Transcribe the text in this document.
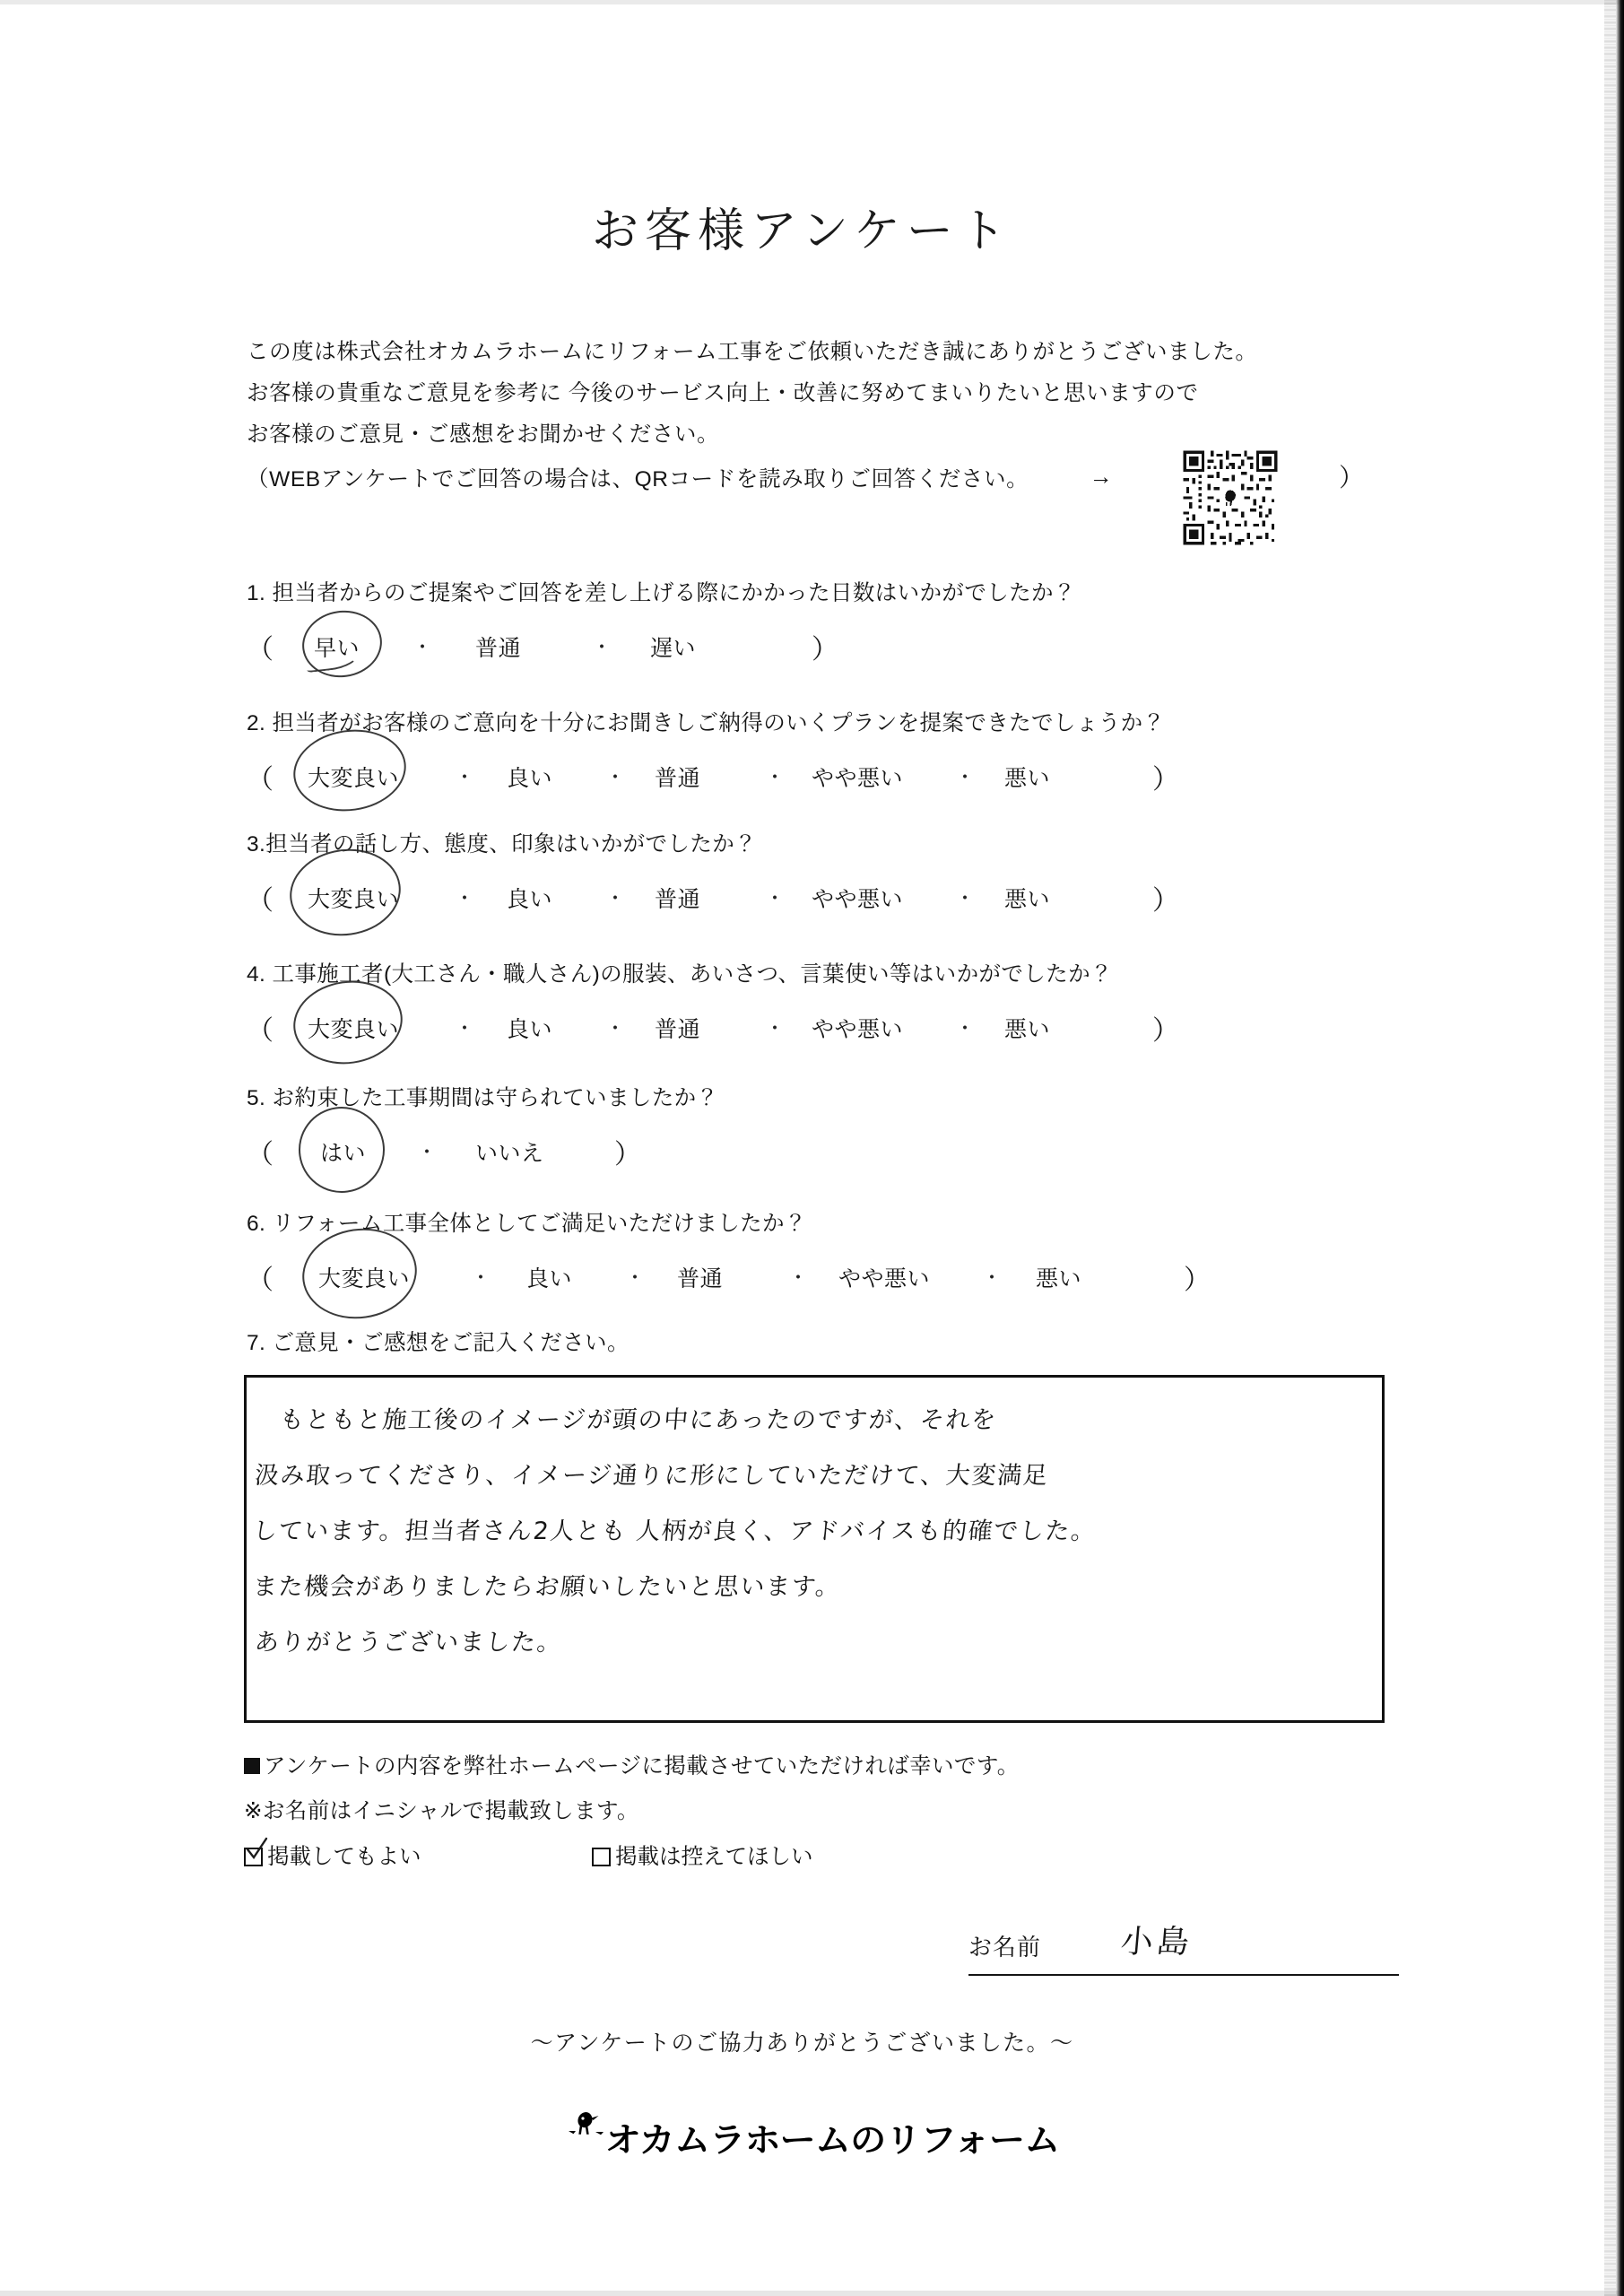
お客様アンケート
この度は株式会社オカムラホームにリフォーム工事をご依頼いただき誠にありがとうございました。
お客様の貴重なご意見を参考に 今後のサービス向上・改善に努めてまいりたいと思いますので
お客様のご意見・ご感想をお聞かせください。
（WEBアンケートでご回答の場合は、QRコードを読み取りご回答ください。	→	）
1. 担当者からのご提案やご回答を差し上げる際にかかった日数はいかがでしたか？
（ 早い	・ 普通	・ 遅い	）
2. 担当者がお客様のご意向を十分にお聞きしご納得のいくプランを提案できたでしょうか？
（ 大変良い	・ 良い	・ 普通	・ やや悪い	・ 悪い	）
3.担当者の話し方、態度、印象はいかがでしたか？
（ 大変良い	・ 良い	・ 普通	・ やや悪い	・ 悪い	）
4. 工事施工者(大工さん・職人さん)の服装、あいさつ、言葉使い等はいかがでしたか？
（ 大変良い	・ 良い	・ 普通	・ やや悪い	・ 悪い	）
5. お約束した工事期間は守られていましたか？
（ はい	・ いいえ	）
6. リフォーム工事全体としてご満足いただけましたか？
（ 大変良い	・ 良い	・ 普通	・ やや悪い	・ 悪い	）
7. ご意見・ご感想をご記入ください。
もともと施工後のイメージが頭の中にあったのですが、それを
汲み取ってくださり、イメージ通りに形にしていただけて、大変満足
しています。担当者さん2人とも 人柄が良く、アドバイスも的確でした。
また機会がありましたらお願いしたいと思います。
ありがとうございました。
アンケートの内容を弊社ホームページに掲載させていただければ幸いです。
※お名前はイニシャルで掲載致します。
掲載してもよい	掲載は控えてほしい
お名前 小島
〜アンケートのご協力ありがとうございました。〜
オカムラホームのリフォーム
